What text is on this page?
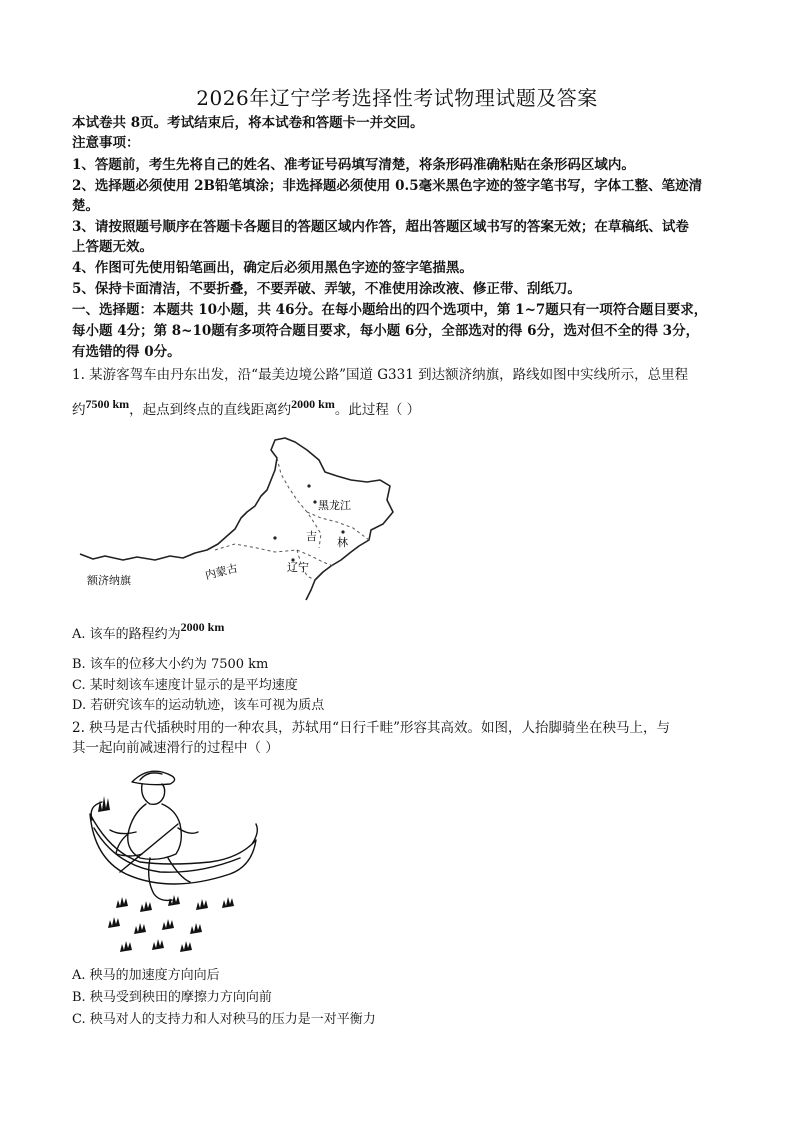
2026年辽宁学考选择性考试物理试题及答案
本试卷共 8页。考试结束后，将本试卷和答题卡一并交回。
注意事项：
1、答题前，考生先将自己的姓名、准考证号码填写清楚，将条形码准确粘贴在条形码区域内。
2、选择题必须使用 2B铅笔填涂；非选择题必须使用 0.5毫米黑色字迹的签字笔书写，字体工整、笔迹清
楚。
3、请按照题号顺序在答题卡各题目的答题区域内作答，超出答题区域书写的答案无效；在草稿纸、试卷
上答题无效。
4、作图可先使用铅笔画出，确定后必须用黑色字迹的签字笔描黑。
5、保持卡面清洁，不要折叠，不要弄破、弄皱，不准使用涂改液、修正带、刮纸刀。
一、选择题：本题共 10小题，共 46分。在每小题给出的四个选项中，第 1~7题只有一项符合题目要求，
每小题 4分；第 8~10题有多项符合题目要求，每小题 6分，全部选对的得 6分，选对但不全的得 3分，
有选错的得 0分。
1. 某游客驾车由丹东出发，沿“最美边境公路”国道 G331 到达额济纳旗，路线如图中实线所示，总里程
约7500 km，起点到终点的直线距离约2000 km。此过程（ ）
黑龙江
吉 林
辽宁
内蒙古
额济纳旗
A. 该车的路程约为2000 km
B. 该车的位移大小约为 7500 km
C. 某时刻该车速度计显示的是平均速度
D. 若研究该车的运动轨迹，该车可视为质点
2. 秧马是古代插秧时用的一种农具，苏轼用“日行千畦”形容其高效。如图，人抬脚骑坐在秧马上，与
其一起向前减速滑行的过程中（ ）
A. 秧马的加速度方向向后
B. 秧马受到秧田的摩擦力方向向前
C. 秧马对人的支持力和人对秧马的压力是一对平衡力
